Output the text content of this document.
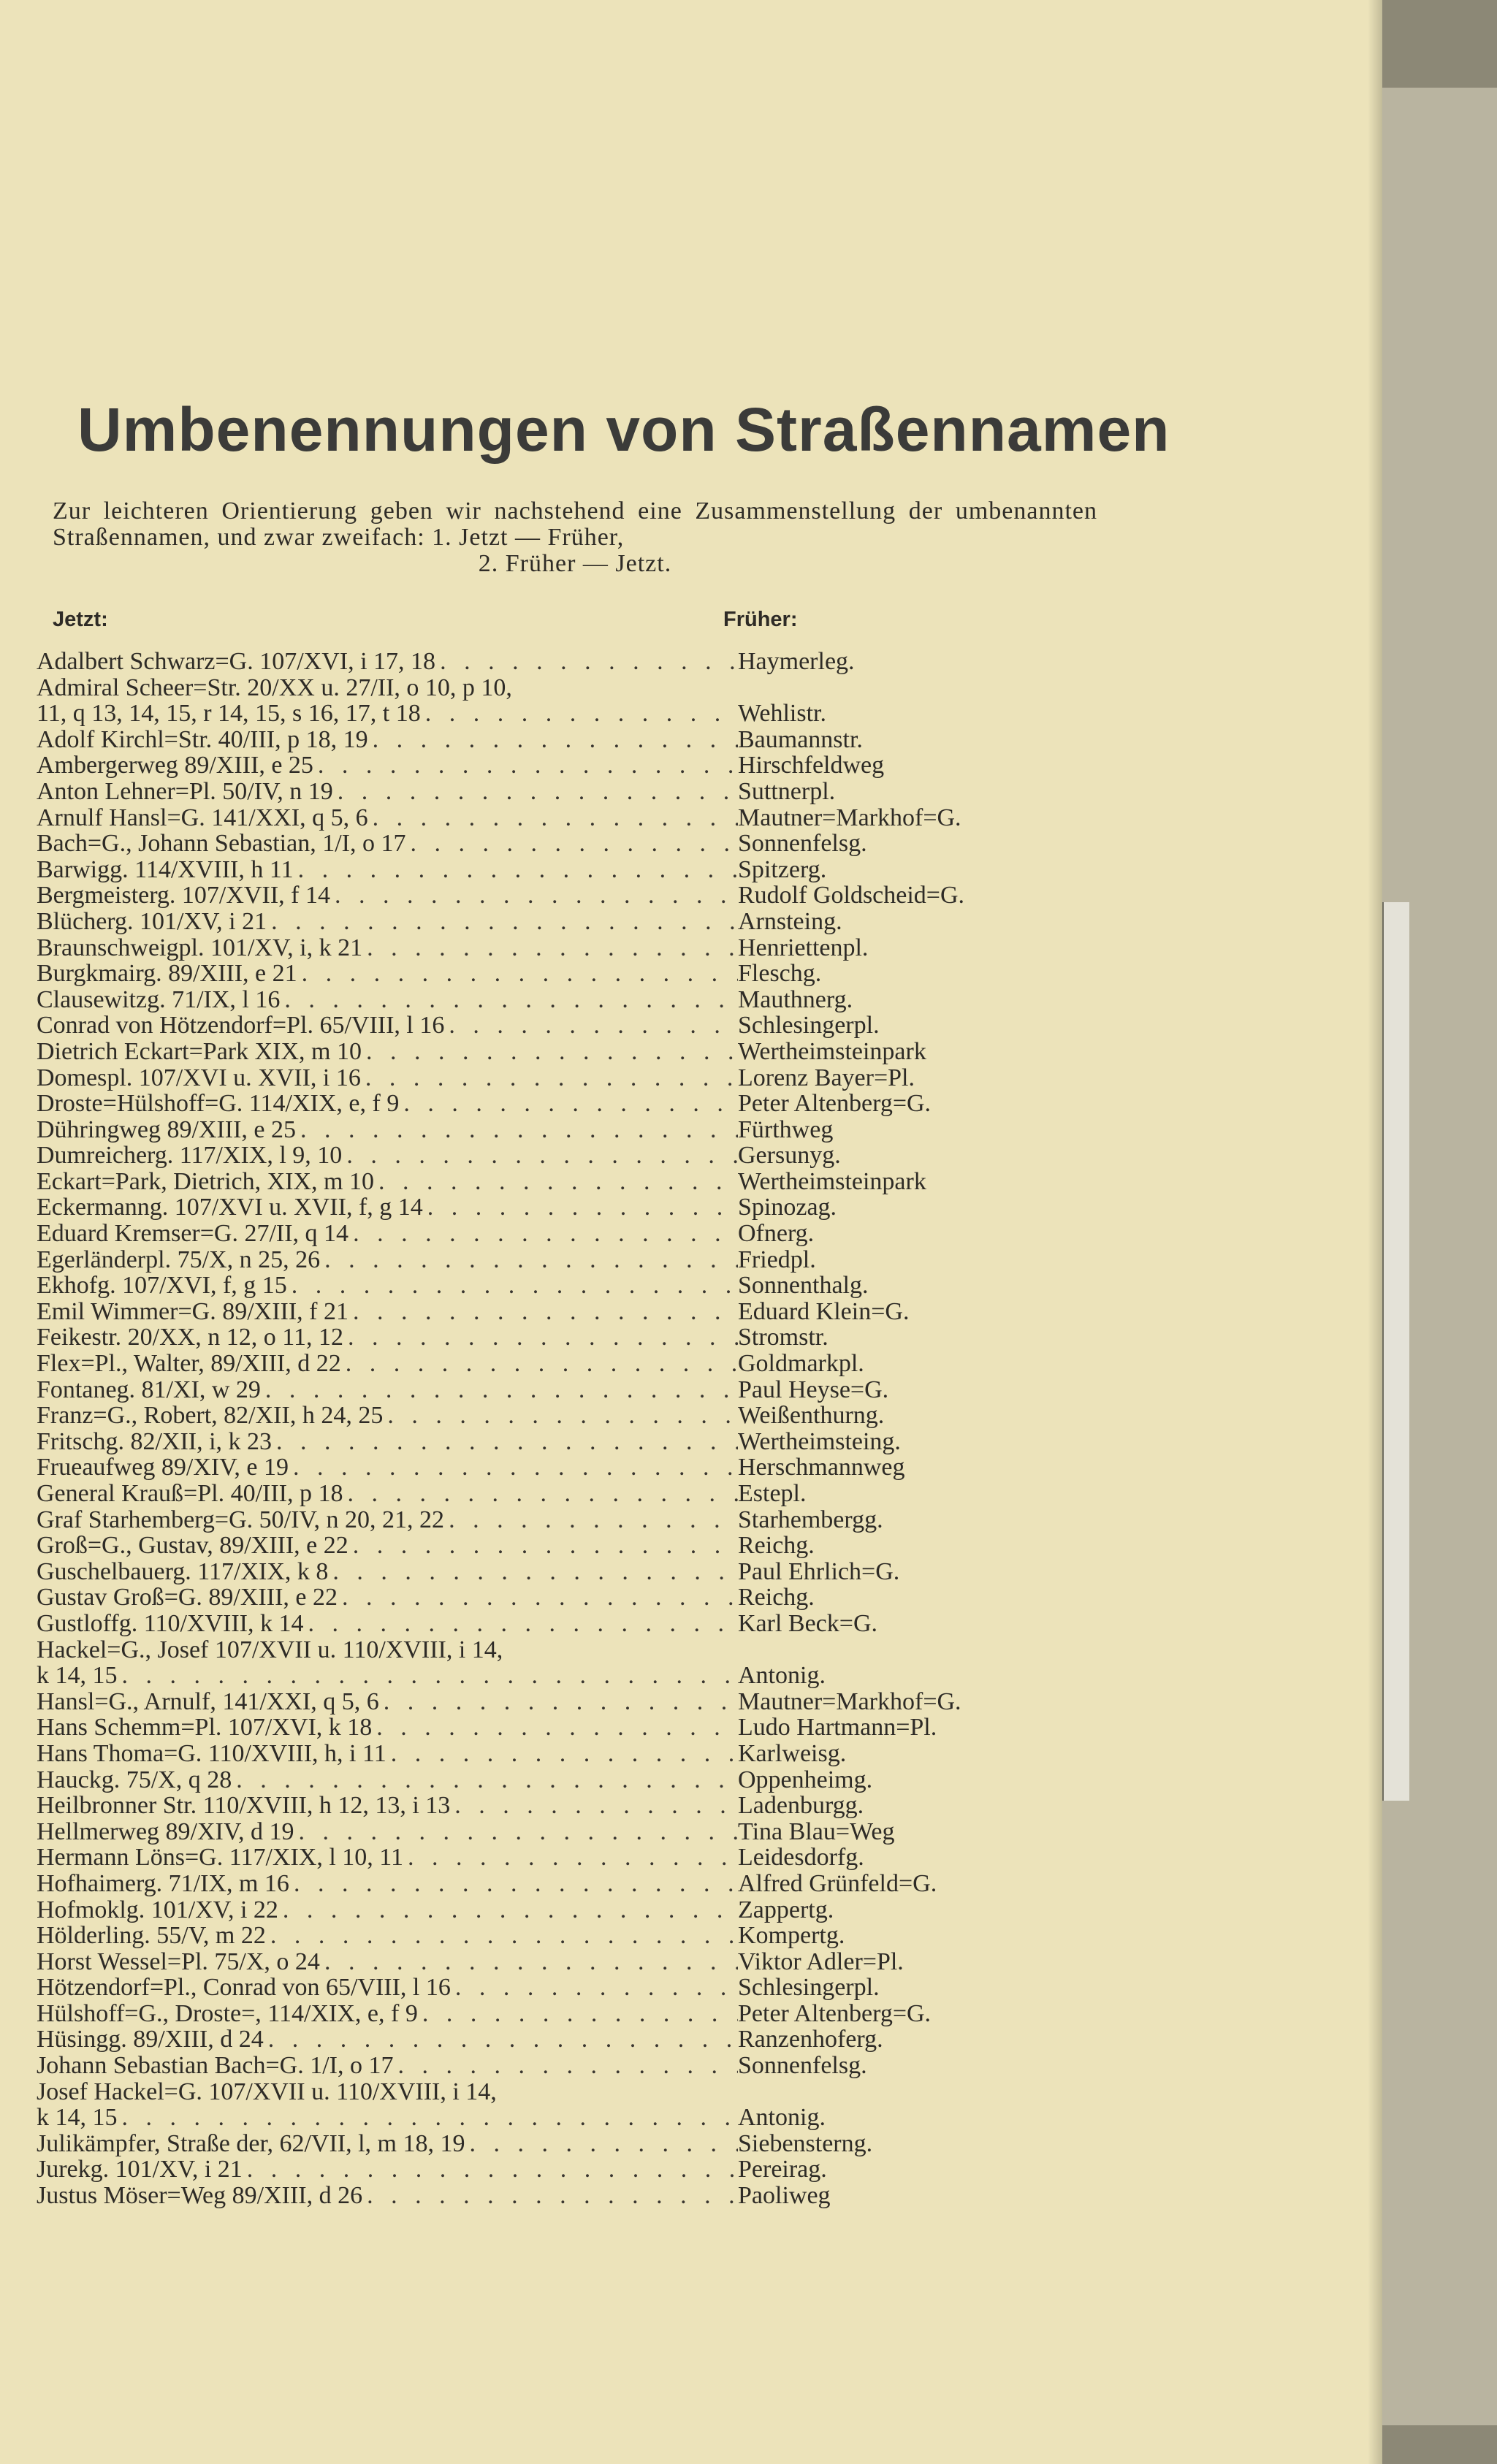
Umbenennungen von Straßennamen
Zur leichteren Orientierung geben wir nachstehend eine Zusammenstellung der umbenannten Straßennamen, und zwar zweifach: 1. Jetzt — Früher,
2. Früher — Jetzt.
Jetzt:	Früher:
Adalbert Schwarz=G. 107/XVI, i 17, 18 . . .	Haymerleg.
Admiral Scheer=Str. 20/XX u. 27/II, o 10, p 10,
11, q 13, 14, 15, r 14, 15, s 16, 17, t 18 . . .	Wehlistr.
Adolf Kirchl=Str. 40/III, p 18, 19 . . .	Baumannstr.
Ambergerweg 89/XIII, e 25 . . .	Hirschfeldweg
Anton Lehner=Pl. 50/IV, n 19 . . .	Suttnerpl.
Arnulf Hansl=G. 141/XXI, q 5, 6 . . .	Mautner=Markhof=G.
Bach=G., Johann Sebastian, 1/I, o 17 . . .	Sonnenfelsg.
Barwigg. 114/XVIII, h 11 . . .	Spitzerg.
Bergmeisterg. 107/XVII, f 14 . . .	Rudolf Goldscheid=G.
Blücherg. 101/XV, i 21 . . .	Arnsteing.
Braunschweigpl. 101/XV, i, k 21 . . .	Henriettenpl.
Burgkmairg. 89/XIII, e 21 . . .	Fleschg.
Clausewitzg. 71/IX, l 16 . . .	Mauthnerg.
Conrad von Hötzendorf=Pl. 65/VIII, l 16 . . .	Schlesingerpl.
Dietrich Eckart=Park XIX, m 10 . . .	Wertheimsteinpark
Domespl. 107/XVI u. XVII, i 16 . . .	Lorenz Bayer=Pl.
Droste=Hülshoff=G. 114/XIX, e, f 9 . . .	Peter Altenberg=G.
Dühringweg 89/XIII, e 25 . . .	Fürthweg
Dumreicherg. 117/XIX, l 9, 10 . . .	Gersunyg.
Eckart=Park, Dietrich, XIX, m 10 . . .	Wertheimsteinpark
Eckermanng. 107/XVI u. XVII, f, g 14 . . .	Spinozag.
Eduard Kremser=G. 27/II, q 14 . . .	Ofnerg.
Egerländerpl. 75/X, n 25, 26 . . .	Friedpl.
Ekhofg. 107/XVI, f, g 15 . . .	Sonnenthalg.
Emil Wimmer=G. 89/XIII, f 21 . . .	Eduard Klein=G.
Feikestr. 20/XX, n 12, o 11, 12 . . .	Stromstr.
Flex=Pl., Walter, 89/XIII, d 22 . . .	Goldmarkpl.
Fontaneg. 81/XI, w 29 . . .	Paul Heyse=G.
Franz=G., Robert, 82/XII, h 24, 25 . . .	Weißenthurng.
Fritschg. 82/XII, i, k 23 . . .	Wertheimsteing.
Frueaufweg 89/XIV, e 19 . . .	Herschmannweg
General Krauß=Pl. 40/III, p 18 . . .	Estepl.
Graf Starhemberg=G. 50/IV, n 20, 21, 22 . . .	Starhembergg.
Groß=G., Gustav, 89/XIII, e 22 . . .	Reichg.
Guschelbauerg. 117/XIX, k 8 . . .	Paul Ehrlich=G.
Gustav Groß=G. 89/XIII, e 22 . . .	Reichg.
Gustloffg. 110/XVIII, k 14 . . .	Karl Beck=G.
Hackel=G., Josef 107/XVII u. 110/XVIII, i 14,
k 14, 15 . . .	Antonig.
Hansl=G., Arnulf, 141/XXI, q 5, 6 . . .	Mautner=Markhof=G.
Hans Schemm=Pl. 107/XVI, k 18 . . .	Ludo Hartmann=Pl.
Hans Thoma=G. 110/XVIII, h, i 11 . . .	Karlweisg.
Hauckg. 75/X, q 28 . . .	Oppenheimg.
Heilbronner Str. 110/XVIII, h 12, 13, i 13 . . .	Ladenburgg.
Hellmerweg 89/XIV, d 19 . . .	Tina Blau=Weg
Hermann Löns=G. 117/XIX, l 10, 11 . . .	Leidesdorfg.
Hofhaimerg. 71/IX, m 16 . . .	Alfred Grünfeld=G.
Hofmoklg. 101/XV, i 22 . . .	Zappertg.
Hölderling. 55/V, m 22 . . .	Kompertg.
Horst Wessel=Pl. 75/X, o 24 . . .	Viktor Adler=Pl.
Hötzendorf=Pl., Conrad von 65/VIII, l 16 . . .	Schlesingerpl.
Hülshoff=G., Droste=, 114/XIX, e, f 9 . . .	Peter Altenberg=G.
Hüsingg. 89/XIII, d 24 . . .	Ranzenhoferg.
Johann Sebastian Bach=G. 1/I, o 17 . . .	Sonnenfelsg.
Josef Hackel=G. 107/XVII u. 110/XVIII, i 14,
k 14, 15 . . .	Antonig.
Julikämpfer, Straße der, 62/VII, l, m 18, 19 . . .	Siebensterng.
Jurekg. 101/XV, i 21 . . .	Pereirag.
Justus Möser=Weg 89/XIII, d 26 . . .	Paoliweg
